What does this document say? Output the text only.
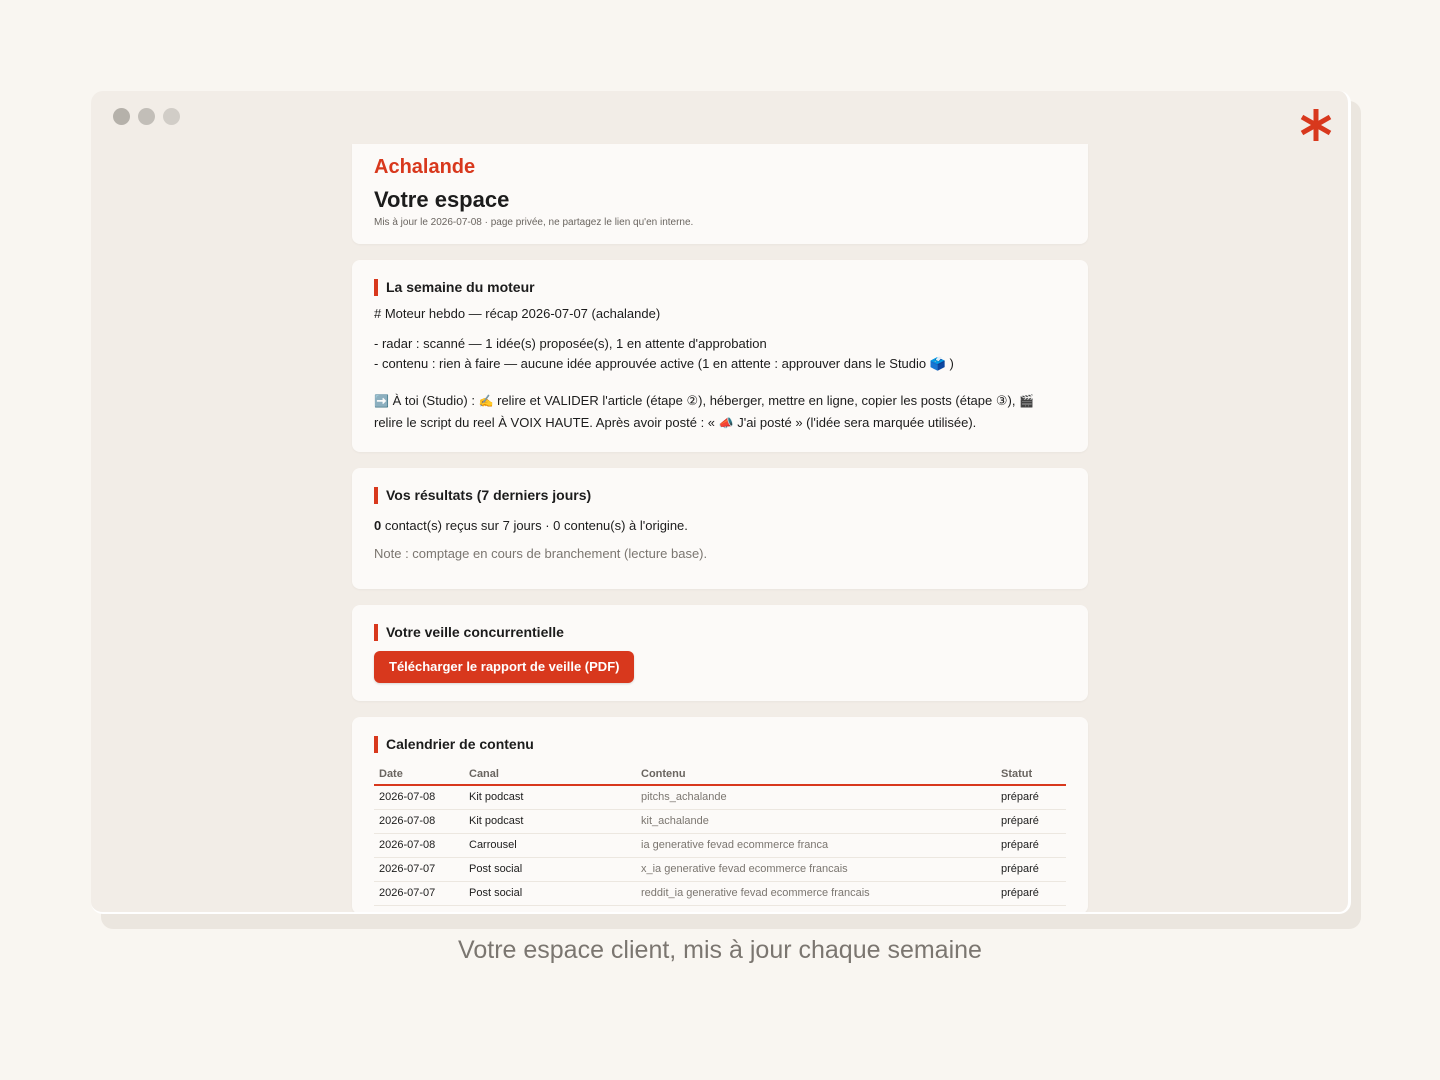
Achalande
Votre espace
Mis à jour le 2026-07-08 · page privée, ne partagez le lien qu'en interne.
La semaine du moteur
# Moteur hebdo — récap 2026-07-07 (achalande)
- radar : scanné — 1 idée(s) proposée(s), 1 en attente d'approbation
- contenu : rien à faire — aucune idée approuvée active (1 en attente : approuver dans le Studio 🗳️ )
➡️ À toi (Studio) : ✍️ relire et VALIDER l'article (étape ②), héberger, mettre en ligne, copier les posts (étape ③), 🎬 relire le script du reel À VOIX HAUTE. Après avoir posté : « 📣 J'ai posté » (l'idée sera marquée utilisée).
Vos résultats (7 derniers jours)
0 contact(s) reçus sur 7 jours · 0 contenu(s) à l'origine.
Note : comptage en cours de branchement (lecture base).
Votre veille concurrentielle
Télécharger le rapport de veille (PDF)
Calendrier de contenu
Date	Canal	Contenu	Statut
2026-07-08	Kit podcast	pitchs_achalande	préparé
2026-07-08	Kit podcast	kit_achalande	préparé
2026-07-08	Carrousel	ia generative fevad ecommerce franca	préparé
2026-07-07	Post social	x_ia generative fevad ecommerce francais	préparé
2026-07-07	Post social	reddit_ia generative fevad ecommerce francais	préparé
Votre espace client, mis à jour chaque semaine
